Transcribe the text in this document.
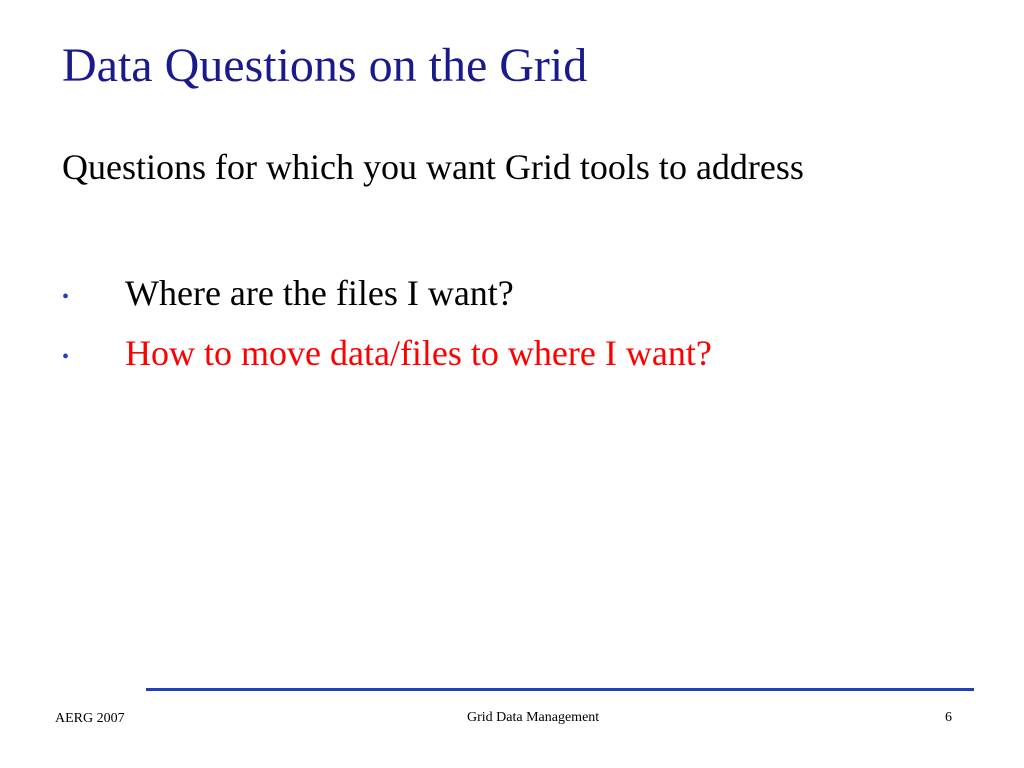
Data Questions on the Grid

Questions for which you want Grid tools to address

• Where are the files I want?
• How to move data/files to where I want?
AERG 2007	Grid Data Management	6
